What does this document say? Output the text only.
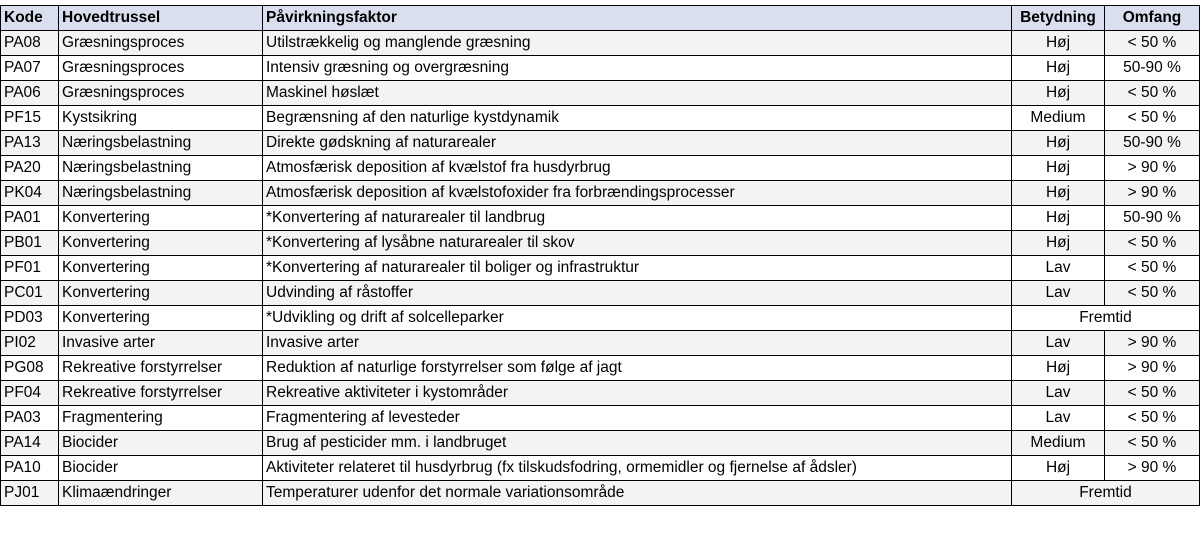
Kode	Hovedtrussel	Påvirkningsfaktor	Betydning	Omfang
PA08	Græsningsproces	Utilstrækkelig og manglende græsning	Høj	< 50 %
PA07	Græsningsproces	Intensiv græsning og overgræsning	Høj	50-90 %
PA06	Græsningsproces	Maskinel høslæt	Høj	< 50 %
PF15	Kystsikring	Begrænsning af den naturlige kystdynamik	Medium	< 50 %
PA13	Næringsbelastning	Direkte gødskning af naturarealer	Høj	50-90 %
PA20	Næringsbelastning	Atmosfærisk deposition af kvælstof fra husdyrbrug	Høj	> 90 %
PK04	Næringsbelastning	Atmosfærisk deposition af kvælstofoxider fra forbrændingsprocesser	Høj	> 90 %
PA01	Konvertering	*Konvertering af naturarealer til landbrug	Høj	50-90 %
PB01	Konvertering	*Konvertering af lysåbne naturarealer til skov	Høj	< 50 %
PF01	Konvertering	*Konvertering af naturarealer til boliger og infrastruktur	Lav	< 50 %
PC01	Konvertering	Udvinding af råstoffer	Lav	< 50 %
PD03	Konvertering	*Udvikling og drift af solcelleparker	Fremtid	
PI02	Invasive arter	Invasive arter	Lav	> 90 %
PG08	Rekreative forstyrrelser	Reduktion af naturlige forstyrrelser som følge af jagt	Høj	> 90 %
PF04	Rekreative forstyrrelser	Rekreative aktiviteter i kystområder	Lav	< 50 %
PA03	Fragmentering	Fragmentering af levesteder	Lav	< 50 %
PA14	Biocider	Brug af pesticider mm. i landbruget	Medium	< 50 %
PA10	Biocider	Aktiviteter relateret til husdyrbrug (fx tilskudsfodring, ormemidler og fjernelse af ådsler)	Høj	> 90 %
PJ01	Klimaændringer	Temperaturer udenfor det normale variationsområde	Fremtid	
